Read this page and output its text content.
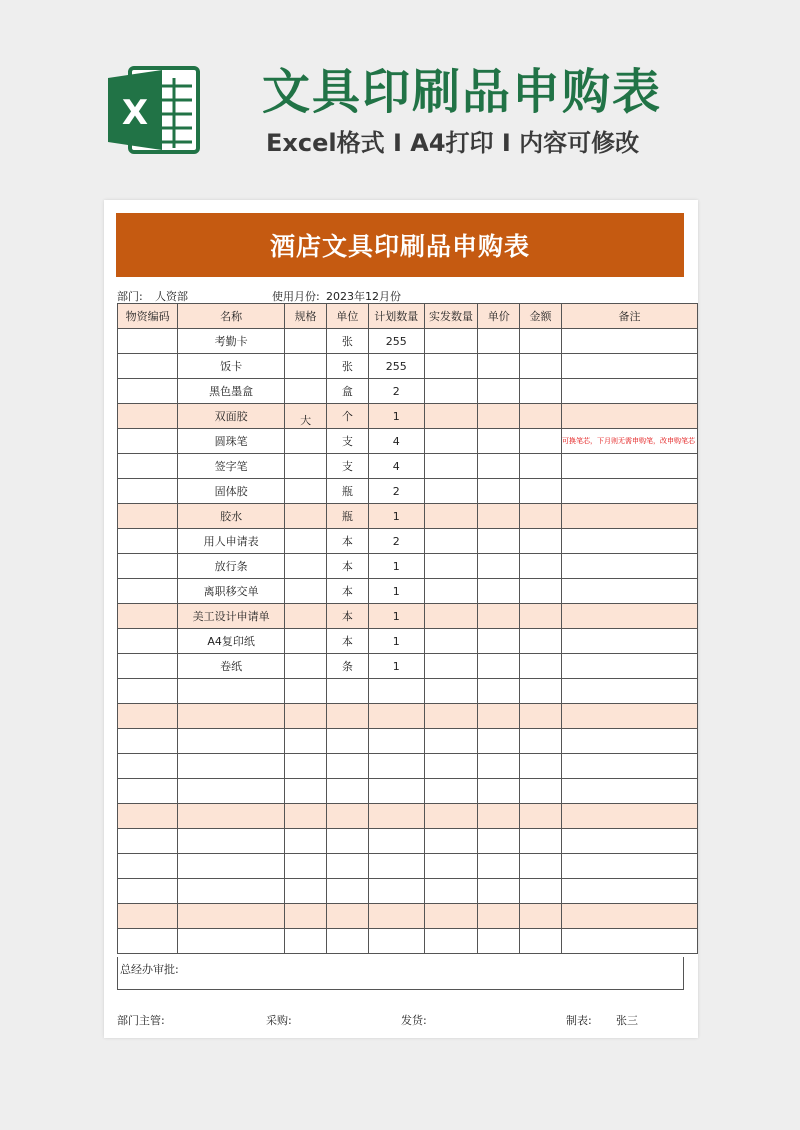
X 文具印刷品申购表
Excel格式 I A4打印 I 内容可修改
酒店文具印刷品申购表
部门: 人资部	使用月份: 2023年12月份
物资编码	名称	规格	单位	计划数量	实发数量	单价	金额	备注
	考勤卡		张	255				
	饭卡		张	255				
	黑色墨盒		盒	2				
	双面胶	大	个	1				
	圆珠笔		支	4				可换笔芯，下月则无需申购笔，改申购笔芯
	签字笔		支	4				
	固体胶		瓶	2				
	胶水		瓶	1				
	用人申请表		本	2				
	放行条		本	1				
	离职移交单		本	1				
	美工设计申请单		本	1				
	A4复印纸		本	1				
	卷纸		条	1				

总经办审批:
部门主管:	采购:	发货:	制表: 张三
